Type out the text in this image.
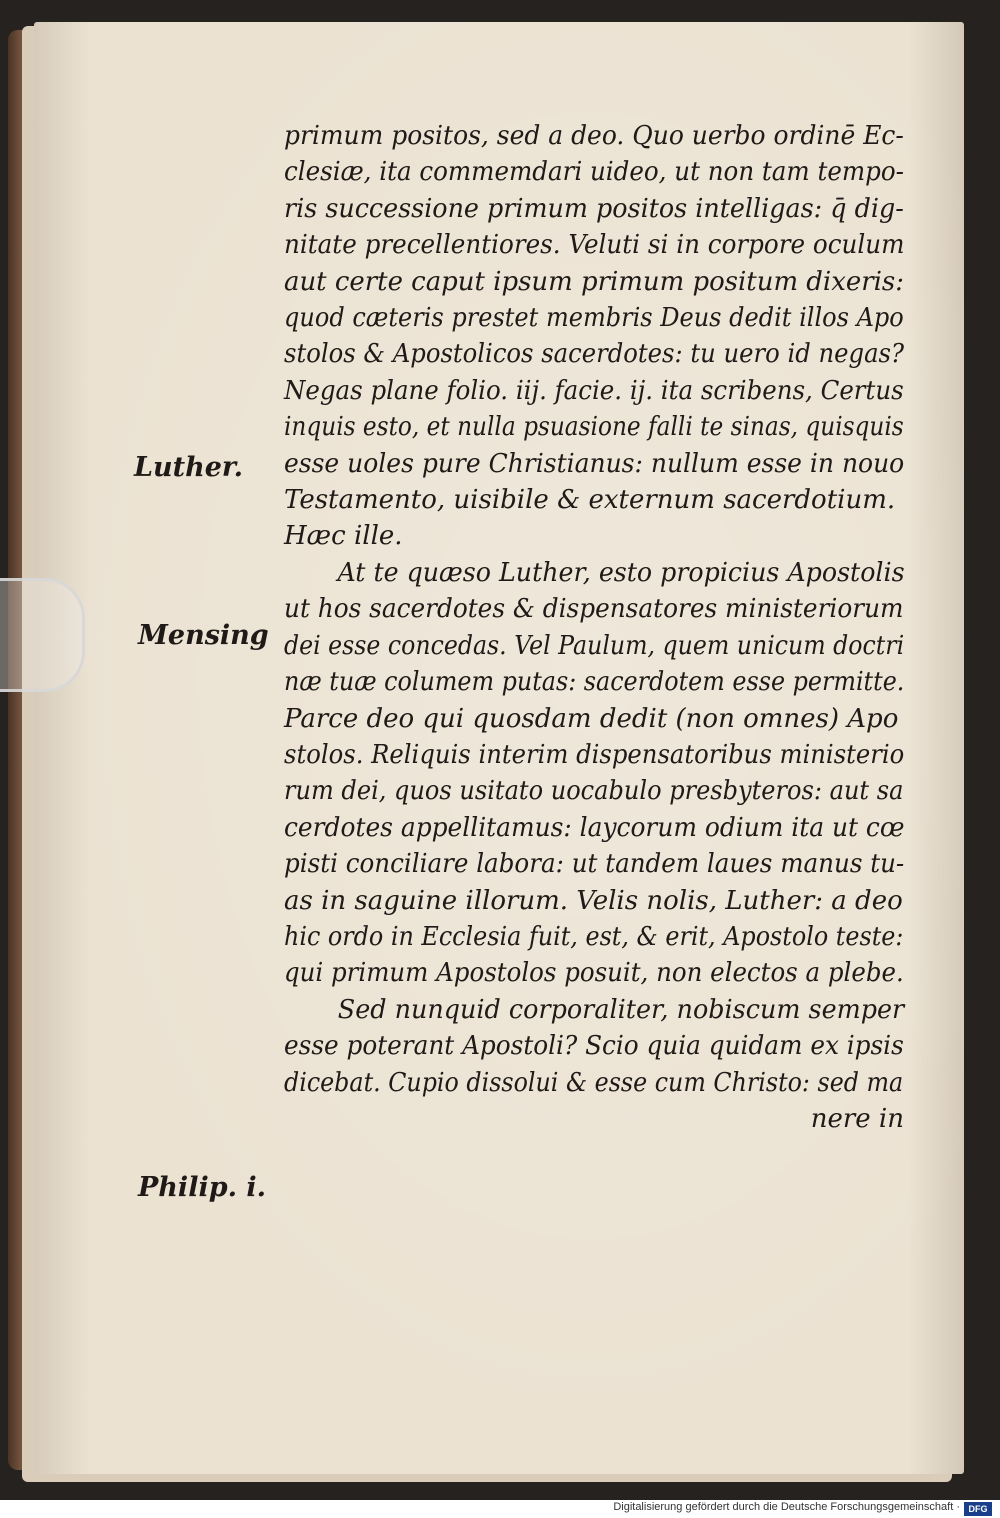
Luther.
Mensing
Philip. i.
primum positos, sed a deo. Quo uerbo ordinē Ec-
clesiæ, ita commemdari uideo, ut non tam tempo-
ris successione primum positos intelligas: q̄ dig-
nitate precellentiores. Veluti si in corpore oculum
aut certe caput ipsum primum positum dixeris:
quod cæteris prestet membris Deus dedit illos Apo
stolos & Apostolicos sacerdotes: tu uero id negas?
Negas plane folio. iij. facie. ij. ita scribens, Certus
inquis esto, et nulla psuasione falli te sinas, quisquis
esse uoles pure Christianus: nullum esse in nouo
Testamento, uisibile & externum sacerdotium.
Hæc ille.
At te quæso Luther, esto propicius Apostolis
ut hos sacerdotes & dispensatores ministeriorum
dei esse concedas. Vel Paulum, quem unicum doctri
næ tuæ columem putas: sacerdotem esse permitte.
Parce deo qui quosdam dedit (non omnes) Apo
stolos. Reliquis interim dispensatoribus ministerio
rum dei, quos usitato uocabulo presbyteros: aut sa
cerdotes appellitamus: laycorum odium ita ut cœ
pisti conciliare labora: ut tandem laues manus tu-
as in saguine illorum. Velis nolis, Luther: a deo
hic ordo in Ecclesia fuit, est, & erit, Apostolo teste:
qui primum Apostolos posuit, non electos a plebe.
Sed nunquid corporaliter, nobiscum semper
esse poterant Apostoli? Scio quia quidam ex ipsis
dicebat. Cupio dissolui & esse cum Christo: sed ma
nere in
Digitalisierung gefördert durch die Deutsche Forschungsgemeinschaft · DFG
